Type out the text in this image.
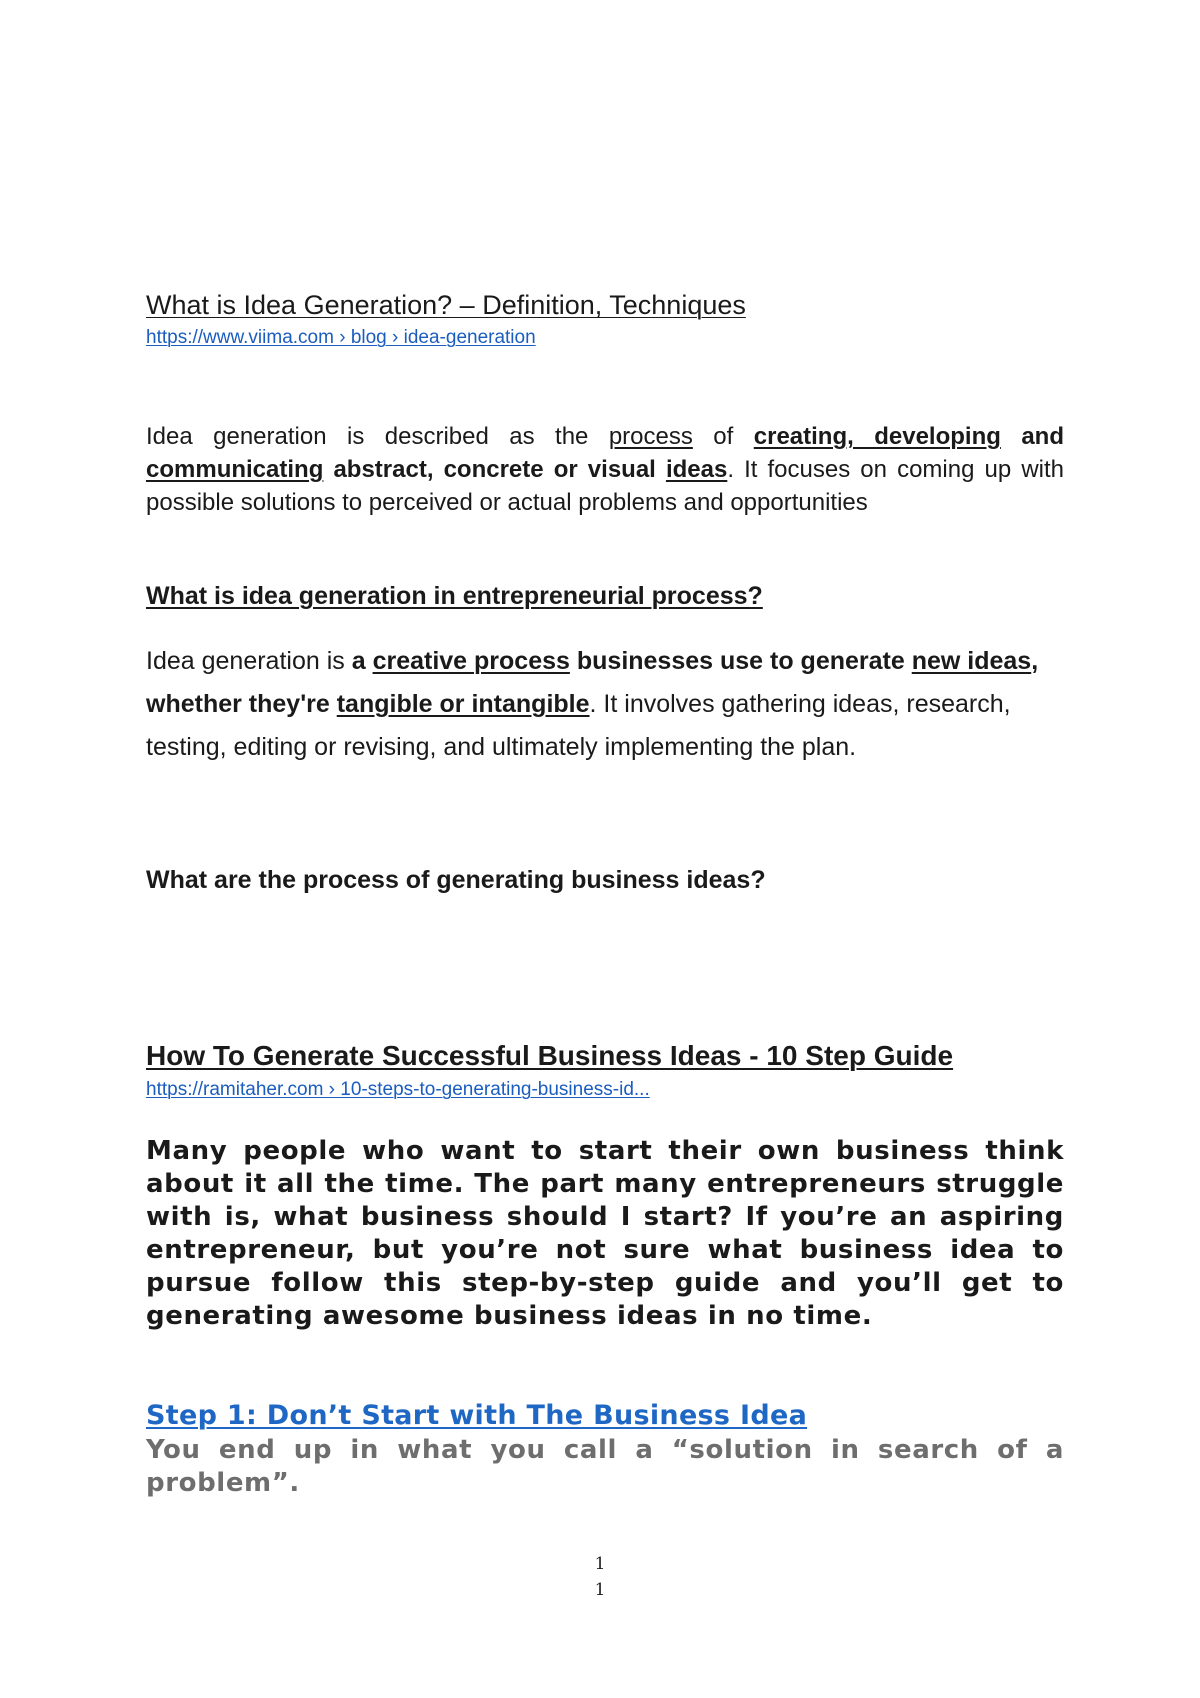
What is Idea Generation? – Definition, Techniques
https://www.viima.com › blog › idea-generation

Idea generation is described as the process of creating, developing and communicating abstract, concrete or visual ideas. It focuses on coming up with possible solutions to perceived or actual problems and opportunities

What is idea generation in entrepreneurial process?

Idea generation is a creative process businesses use to generate new ideas, whether they're tangible or intangible. It involves gathering ideas, research, testing, editing or revising, and ultimately implementing the plan.

What are the process of generating business ideas?
How To Generate Successful Business Ideas - 10 Step Guide
https://ramitaher.com › 10-steps-to-generating-business-id...

Many people who want to start their own business think about it all the time. The part many entrepreneurs struggle with is, what business should I start? If you’re an aspiring entrepreneur, but you’re not sure what business idea to pursue follow this step-by-step guide and you’ll get to generating awesome business ideas in no time.

Step 1: Don’t Start with The Business Idea

You end up in what you call a “solution in search of a problem”.

1
1
